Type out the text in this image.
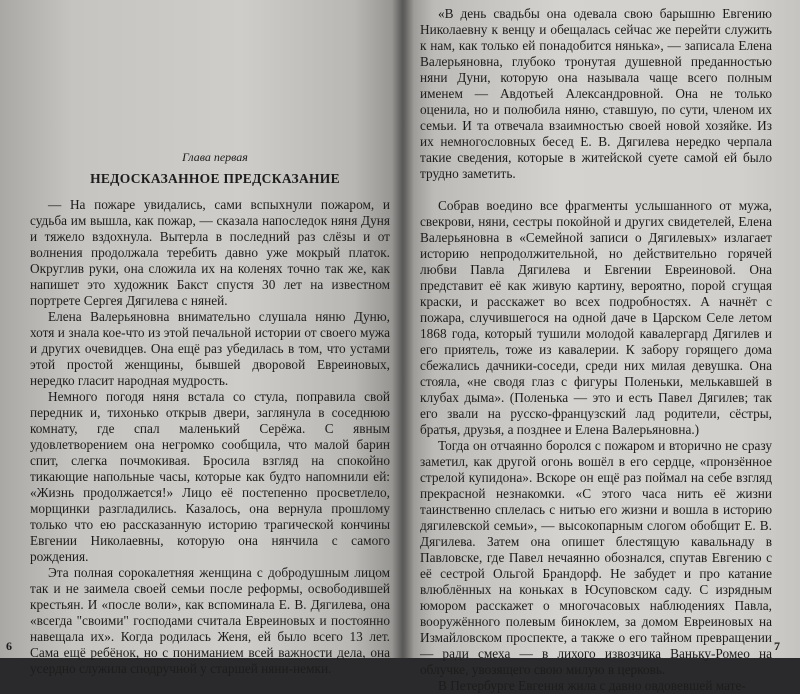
Глава первая
НЕДОСКАЗАННОЕ ПРЕДСКАЗАНИЕ

— На пожаре увидались, сами вспыхнули пожаром, и судьба им вышла, как пожар, — сказала напоследок няня Дуня и тяжело вздохнула. Вытерла в последний раз слёзы и от волнения продолжала теребить давно уже мокрый платок. Округлив руки, она сложила их на коленях точно так же, как напишет это художник Бакст спустя 30 лет на известном портрете Сергея Дягилева с няней.

Елена Валерьяновна внимательно слушала няню Дуню, хотя и знала кое-что из этой печальной истории от своего мужа и других очевидцев. Она ещё раз убедилась в том, что устами этой простой женщины, бывшей дворовой Евреиновых, нередко гласит народная мудрость.

Немного погодя няня встала со стула, поправила свой передник и, тихонько открыв двери, заглянула в соседнюю комнату, где спал маленький Серёжа. С явным удовлетворением она негромко сообщила, что малой барин спит, слегка почмокивая. Бросила взгляд на спокойно тикающие напольные часы, которые как будто напомнили ей: «Жизнь продолжается!» Лицо её постепенно просветлело, морщинки разгладились. Казалось, она вернула прошлому только что ею рассказанную историю трагической кончины Евгении Николаевны, которую она нянчила с самого рождения.

Эта полная сорокалетняя женщина с добродушным лицом так и не заимела своей семьи после реформы, освободившей крестьян. И «после воли», как вспоминала Е. В. Дягилева, она «всегда "своими" господами считала Евреиновых и постоянно навещала их». Когда родилась Женя, ей было всего 13 лет. Сама ещё ребёнок, но с пониманием всей важности дела, она усердно служила сподручной у старшей няни-немки.

6

«В день свадьбы она одевала свою барышню Евгению Николаевну к венцу и обещалась сейчас же перейти служить к нам, как только ей понадобится нянька», — записала Елена Валерьяновна, глубоко тронутая душевной преданностью няни Дуни, которую она называла чаще всего полным именем — Авдотьей Александровной. Она не только оценила, но и полюбила няню, ставшую, по сути, членом их семьи. И та отвечала взаимностью своей новой хозяйке. Из их немногословных бесед Е. В. Дягилева нередко черпала такие сведения, которые в житейской суете самой ей было трудно заметить.

Собрав воедино все фрагменты услышанного от мужа, свекрови, няни, сестры покойной и других свидетелей, Елена Валерьяновна в «Семейной записи о Дягилевых» излагает историю непродолжительной, но действительно горячей любви Павла Дягилева и Евгении Евреиновой. Она представит её как живую картину, вероятно, порой сгущая краски, и расскажет во всех подробностях. А начнёт с пожара, случившегося на одной даче в Царском Селе летом 1868 года, который тушили молодой кавалергард Дягилев и его приятель, тоже из кавалерии. К забору горящего дома сбежались дачники-соседи, среди них милая девушка. Она стояла, «не сводя глаз с фигуры Поленьки, мелькавшей в клубах дыма». (Поленька — это и есть Павел Дягилев; так его звали на русско-французский лад родители, сёстры, братья, друзья, а позднее и Елена Валерьяновна.)

Тогда он отчаянно боролся с пожаром и вторично не сразу заметил, как другой огонь вошёл в его сердце, «пронзённое стрелой купидона». Вскоре он ещё раз поймал на себе взгляд прекрасной незнакомки. «С этого часа нить её жизни таинственно сплелась с нитью его жизни и вошла в историю дягилевской семьи», — высокопарным слогом обобщит Е. В. Дягилева. Затем она опишет блестящую кавальнаду в Павловске, где Павел нечаянно обознался, спутав Евгению с её сестрой Ольгой Брандорф. Не забудет и про катание влюблённых на коньках в Юсуповском саду. С изрядным юмором расскажет о многочасовых наблюдениях Павла, вооружённого полевым биноклем, за домом Евреиновых на Измайловском проспекте, а также о его тайном превращении — ради смеха — в лихого извозчика Ваньку-Ромео на облучке, увозящего свою милую в церковь.

В Петербурге Евгения жила с давно овдовевшей мате-

7
